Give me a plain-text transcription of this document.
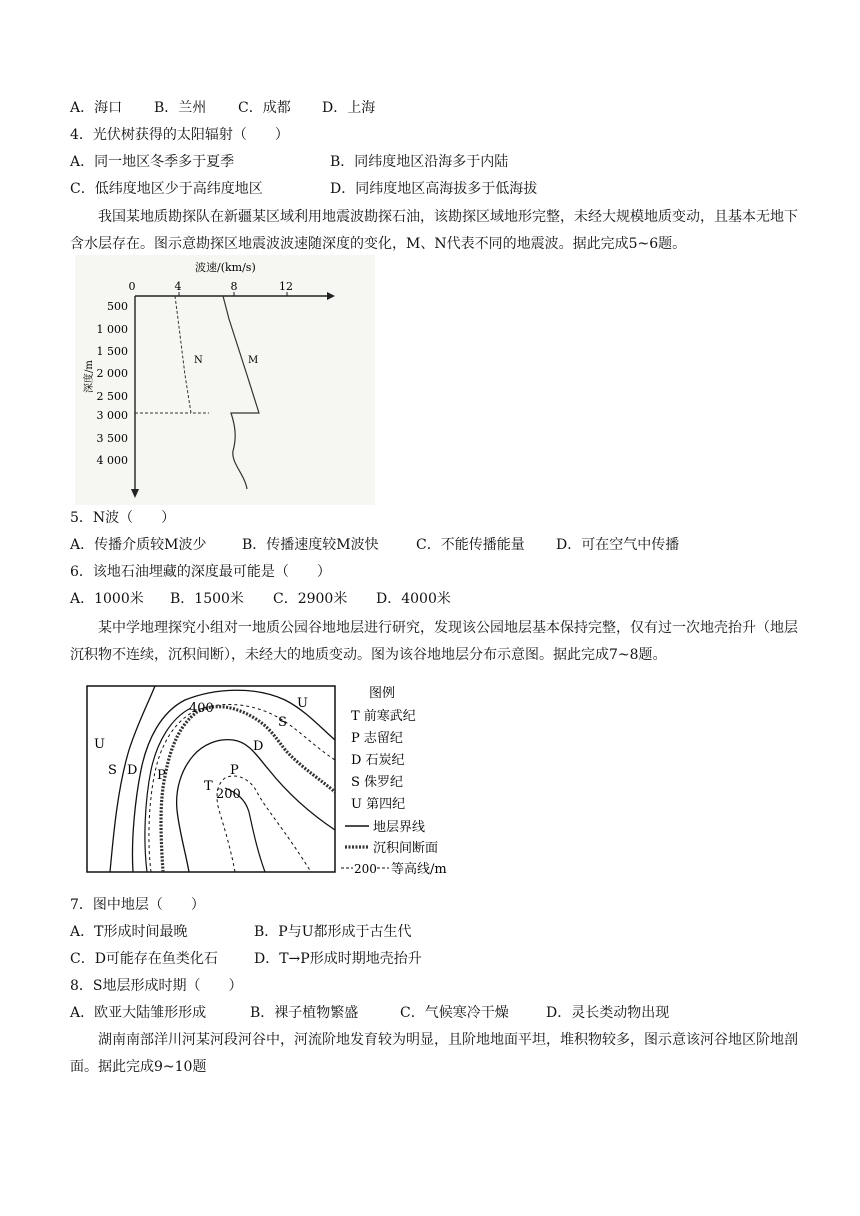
A．海口 B．兰州 C．成都 D．上海
4．光伏树获得的太阳辐射（　　）
A．同一地区冬季多于夏季	B．同纬度地区沿海多于内陆
C．低纬度地区少于高纬度地区	D．同纬度地区高海拔多于低海拔
我国某地质勘探队在新疆某区域利用地震波勘探石油，该勘探区域地形完整，未经大规模地质变动，且基本无地下含水层存在。图示意勘探区地震波波速随深度的变化，M、N代表不同的地震波。据此完成5~6题。
波速/(km/s)
0	4	8	12
500
1 000
1 500
2 000
2 500
3 000
3 500
4 000
深度/m	N	M
5．N波（　　）
A．传播介质较M波少	B．传播速度较M波快	C．不能传播能量 D．可在空气中传播
6．该地石油埋藏的深度最可能是（　　）
A．1000米 B．1500米 C．2900米 D．4000米
某中学地理探究小组对一地质公园谷地地层进行研究，发现该公园地层基本保持完整，仅有过一次地壳抬升（地层沉积物不连续，沉积间断），未经大的地质变动。图为该谷地地层分布示意图。据此完成7~8题。
400
T
200
P
D
S
U
U
S D P
图例
T 前寒武纪
P 志留纪
D 石炭纪
S 侏罗纪
U 第四纪
地层界线
沉积间断面
200 等高线/m
7．图中地层（　　）
A．T形成时间最晚	B．P与U都形成于古生代
C．D可能存在鱼类化石	D．T→P形成时期地壳抬升
8．S地层形成时期（　　）
A．欧亚大陆雏形形成	B．裸子植物繁盛	C．气候寒冷干燥	D．灵长类动物出现
湖南南部洋川河某河段河谷中，河流阶地发育较为明显，且阶地地面平坦，堆积物较多，图示意该河谷地区阶地剖面。据此完成9~10题
